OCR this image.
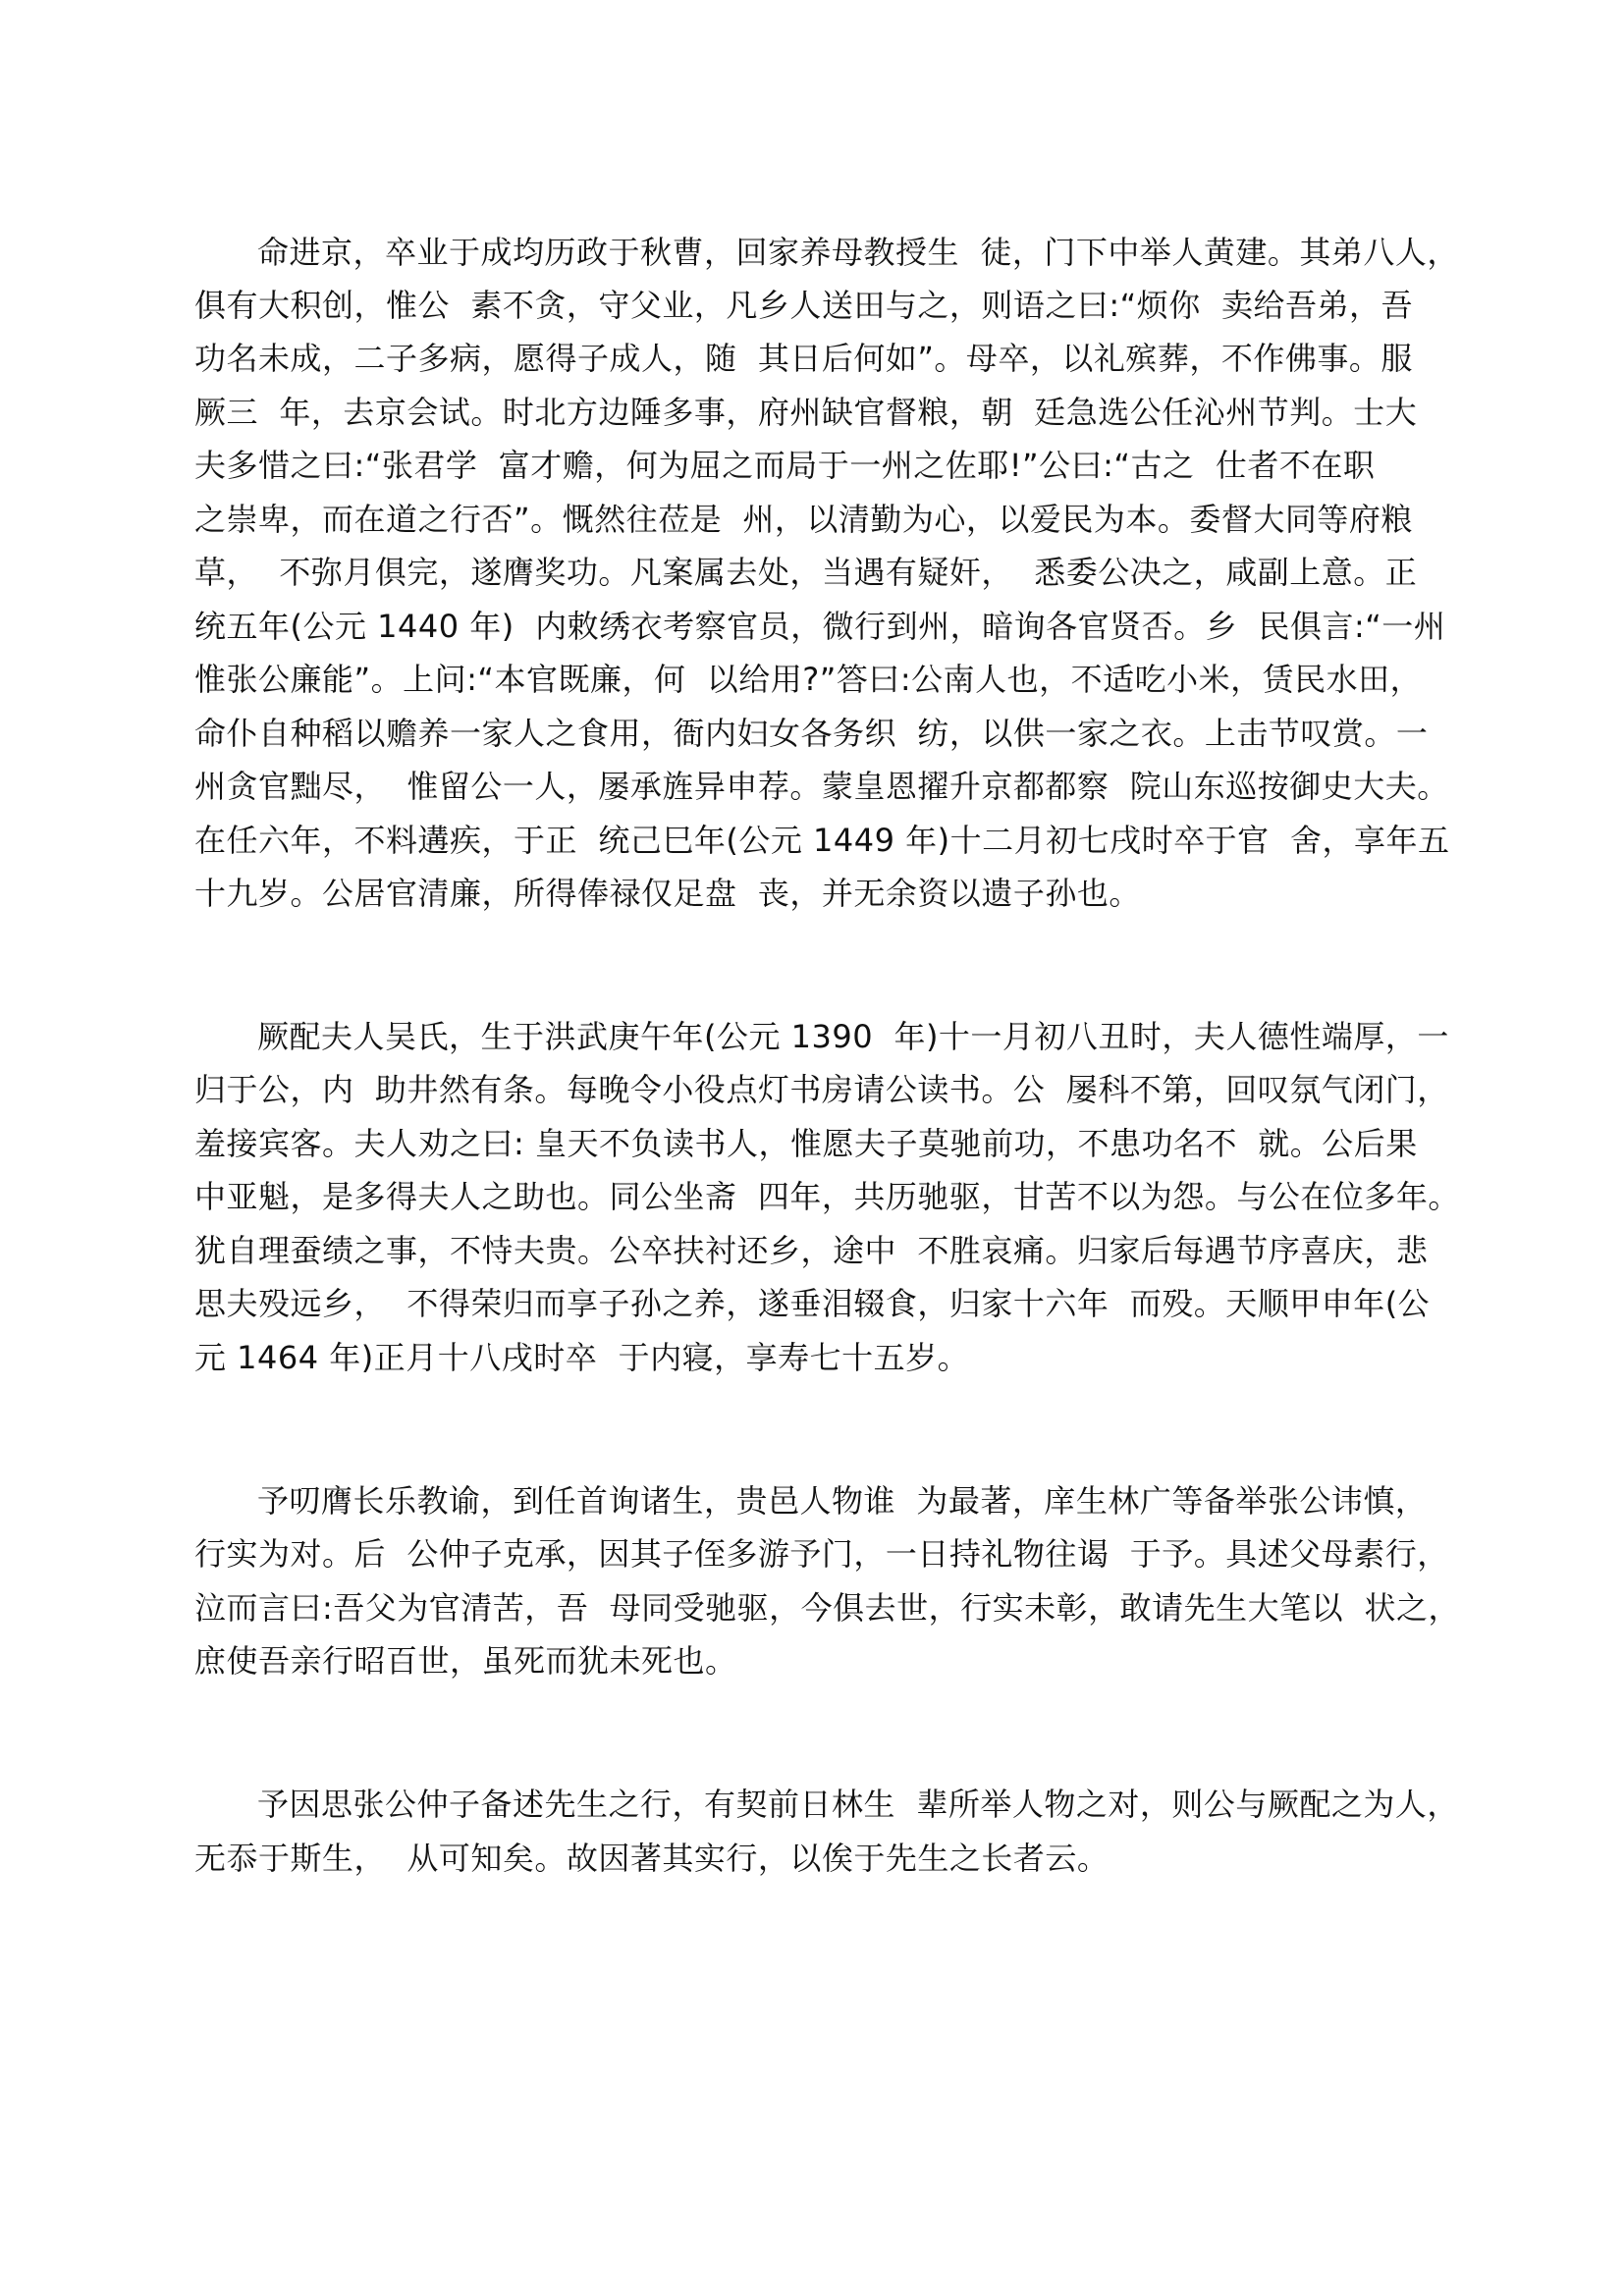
命进京，卒业于成均历政于秋曹，回家养母教授生  徒，门下中举人黄建。其弟八人，
俱有大积创，惟公  素不贪，守父业，凡乡人送田与之，则语之曰:“烦你  卖给吾弟，吾
功名未成，二子多病，愿得子成人，随  其日后何如”。母卒，以礼殡葬，不作佛事。服
厥三  年，去京会试。时北方边陲多事，府州缺官督粮，朝  廷急选公任沁州节判。士大
夫多惜之曰:“张君学  富才赡，何为屈之而局于一州之佐耶!”公曰:“古之  仕者不在职
之崇卑，而在道之行否”。慨然往莅是  州，以清勤为心，以爱民为本。委督大同等府粮
草，  不弥月俱完，遂膺奖功。凡案属去处，当遇有疑奸，  悉委公决之，咸副上意。正
统五年(公元 1440 年)  内敕绣衣考察官员，微行到州，暗询各官贤否。乡  民俱言:“一州
惟张公廉能”。上问:“本官既廉，何  以给用?”答曰:公南人也，不适吃小米，赁民水田，
命仆自种稻以赡养一家人之食用，衙内妇女各务织  纺，以供一家之衣。上击节叹赏。一
州贪官黜尽，  惟留公一人，屡承旌异申荐。蒙皇恩擢升京都都察  院山东巡按御史大夫。
在任六年，不料遘疾，于正  统己巳年(公元 1449 年)十二月初七戌时卒于官  舍，享年五
十九岁。公居官清廉，所得俸禄仅足盘  丧，并无余资以遗子孙也。
厥配夫人吴氏，生于洪武庚午年(公元 1390  年)十一月初八丑时，夫人德性端厚，一
归于公，内  助井然有条。每晚令小役点灯书房请公读书。公  屡科不第，回叹氛气闭门，
羞接宾客。夫人劝之曰: 皇天不负读书人，惟愿夫子莫驰前功，不患功名不  就。公后果
中亚魁，是多得夫人之助也。同公坐斋  四年，共历驰驱，甘苦不以为怨。与公在位多年。
犹自理蚕绩之事，不恃夫贵。公卒扶衬还乡，途中  不胜哀痛。归家后每遇节序喜庆，悲
思夫殁远乡，  不得荣归而享子孙之养，遂垂泪辍食，归家十六年  而殁。天顺甲申年(公
元 1464 年)正月十八戌时卒  于内寝，享寿七十五岁。
予叨膺长乐教谕，到任首询诸生，贵邑人物谁  为最著，庠生林广等备举张公讳慎，
行实为对。后  公仲子克承，因其子侄多游予门，一日持礼物往谒  于予。具述父母素行，
泣而言曰:吾父为官清苦，吾  母同受驰驱，今俱去世，行实未彰，敢请先生大笔以  状之，
庶使吾亲行昭百世，虽死而犹未死也。
予因思张公仲子备述先生之行，有契前日林生  辈所举人物之对，则公与厥配之为人，
无忝于斯生，  从可知矣。故因著其实行，以俟于先生之长者云。
